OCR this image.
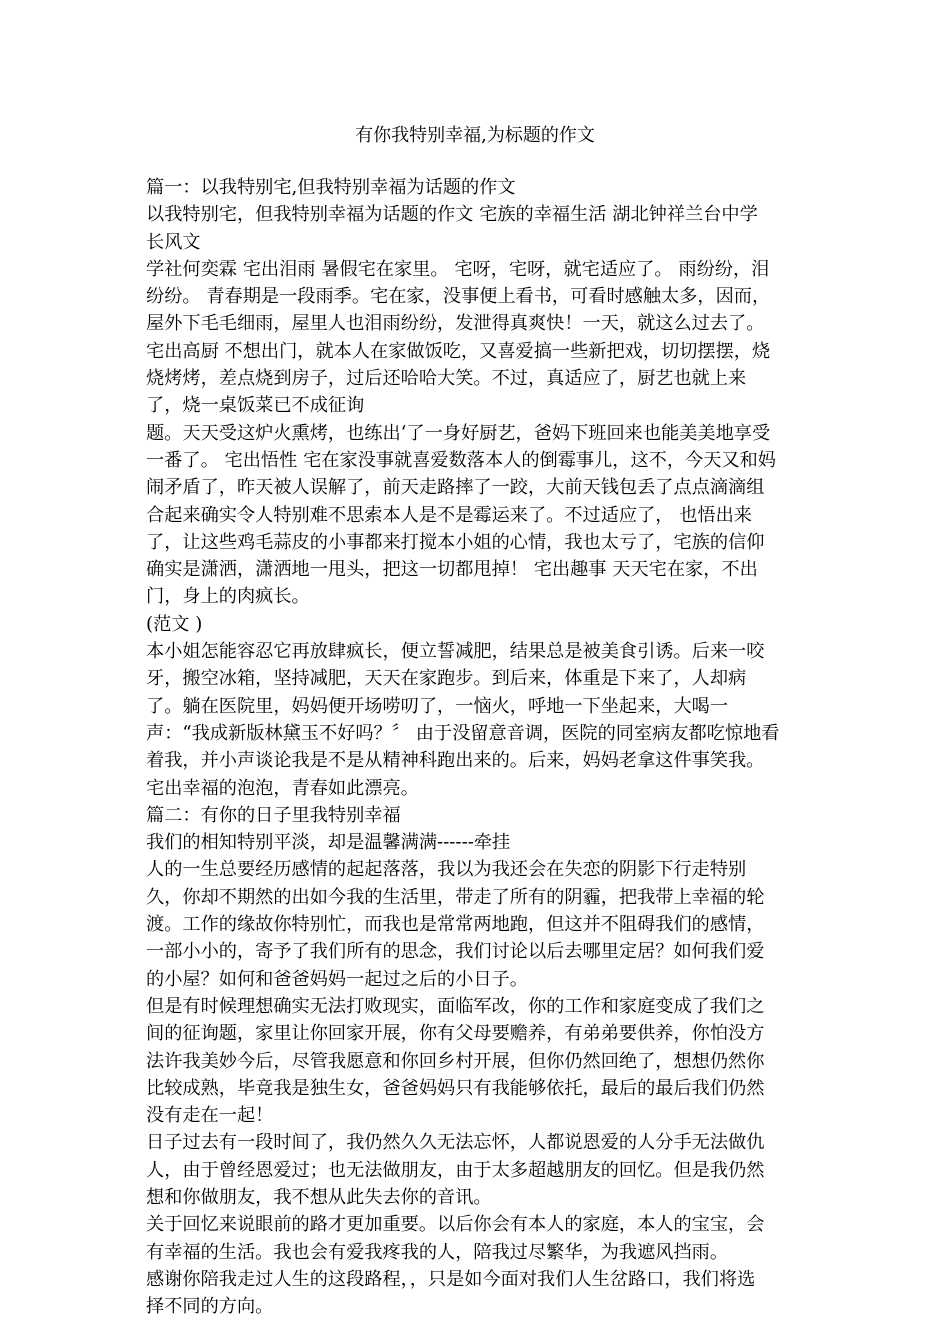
有你我特别幸福,为标题的作文
篇一：以我特别宅,但我特别幸福为话题的作文
以我特别宅，但我特别幸福为话题的作文 宅族的幸福生活 湖北钟祥兰台中学
长风文
学社何奕霖 宅出泪雨 暑假宅在家里。 宅呀，宅呀，就宅适应了。 雨纷纷，泪
纷纷。 青春期是一段雨季。宅在家，没事便上看书，可看时感触太多，因而，
屋外下毛毛细雨，屋里人也泪雨纷纷，发泄得真爽快！一天，就这么过去了。
宅出高厨 不想出门，就本人在家做饭吃，又喜爱搞一些新把戏，切切摆摆，烧
烧烤烤，差点烧到房子，过后还哈哈大笑。不过，真适应了，厨艺也就上来
了，烧一桌饭菜已不成征询
题。天天受这炉火熏烤，也练出‘了一身好厨艺，爸妈下班回来也能美美地享受
一番了。 宅出悟性 宅在家没事就喜爱数落本人的倒霉事儿，这不，今天又和妈
闹矛盾了，昨天被人误解了，前天走路摔了一跤，大前天钱包丢了点点滴滴组
合起来确实令人特别难不思索本人是不是霉运来了。不过适应了， 也悟出来
了，让这些鸡毛蒜皮的小事都来打搅本小姐的心情，我也太亏了，宅族的信仰
确实是潇洒，潇洒地一甩头，把这一切都甩掉！ 宅出趣事 天天宅在家，不出
门，身上的肉疯长。
(范文 )
本小姐怎能容忍它再放肆疯长，便立誓减肥，结果总是被美食引诱。后来一咬
牙，搬空冰箱，坚持减肥，天天在家跑步。到后来，体重是下来了，人却病
了。躺在医院里，妈妈便开场唠叨了，一恼火，呼地一下坐起来，大喝一
声：“我成新版林黛玉不好吗？〞 由于没留意音调，医院的同室病友都吃惊地看
着我，并小声谈论我是不是从精神科跑出来的。后来，妈妈老拿这件事笑我。
宅出幸福的泡泡，青春如此漂亮。
篇二：有你的日子里我特别幸福
我们的相知特别平淡，却是温馨满满------牵挂
人的一生总要经历感情的起起落落，我以为我还会在失恋的阴影下行走特别
久，你却不期然的出如今我的生活里，带走了所有的阴霾，把我带上幸福的轮
渡。工作的缘故你特别忙，而我也是常常两地跑，但这并不阻碍我们的感情，
一部小小的，寄予了我们所有的思念，我们讨论以后去哪里定居？如何我们爱
的小屋？如何和爸爸妈妈一起过之后的小日子。
但是有时候理想确实无法打败现实，面临军改，你的工作和家庭变成了我们之
间的征询题，家里让你回家开展，你有父母要赡养，有弟弟要供养，你怕没方
法许我美妙今后，尽管我愿意和你回乡村开展，但你仍然回绝了，想想仍然你
比较成熟，毕竟我是独生女，爸爸妈妈只有我能够依托，最后的最后我们仍然
没有走在一起！
日子过去有一段时间了，我仍然久久无法忘怀，人都说恩爱的人分手无法做仇
人，由于曾经恩爱过；也无法做朋友，由于太多超越朋友的回忆。但是我仍然
想和你做朋友，我不想从此失去你的音讯。
关于回忆来说眼前的路才更加重要。以后你会有本人的家庭，本人的宝宝，会
有幸福的生活。我也会有爱我疼我的人，陪我过尽繁华，为我遮风挡雨。
感谢你陪我走过人生的这段路程，，只是如今面对我们人生岔路口，我们将选
择不同的方向。
